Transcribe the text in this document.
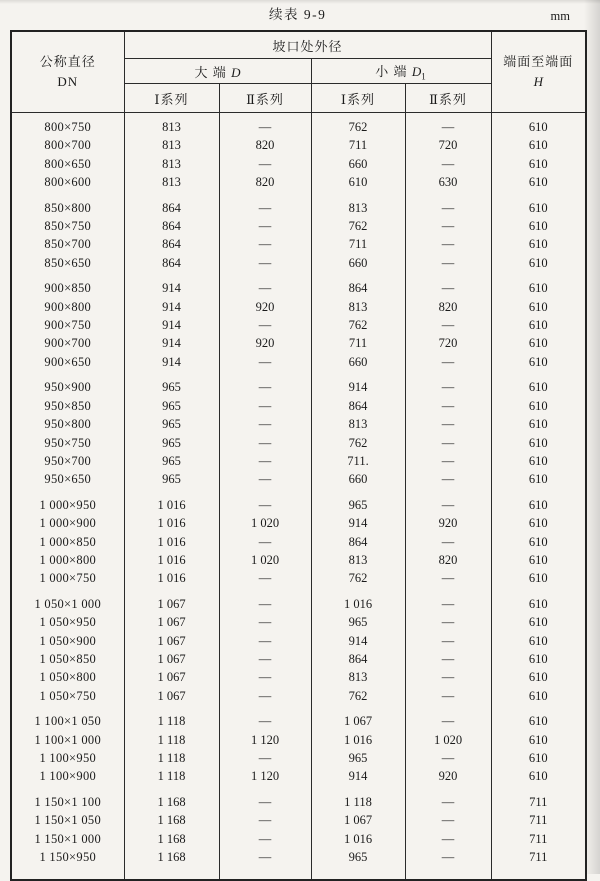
续表 9-9	mm
公称直径
DN	坡口处外径				端面至端面
H
	大 端 D		小 端 $D_1$
	Ⅰ系列	Ⅱ系列	Ⅰ系列	Ⅱ系列	

800×750	813	—	762	—	610
800×700	813	820	711	720	610
800×650	813	—	660	—	610
800×600	813	820	610	630	610

850×800	864	—	813	—	610
850×750	864	—	762	—	610
850×700	864	—	711	—	610
850×650	864	—	660	—	610

900×850	914	—	864	—	610
900×800	914	920	813	820	610
900×750	914	—	762	—	610
900×700	914	920	711	720	610
900×650	914	—	660	—	610

950×900	965	—	914	—	610
950×850	965	—	864	—	610
950×800	965	—	813	—	610
950×750	965	—	762	—	610
950×700	965	—	711.	—	610
950×650	965	—	660	—	610

1 000×950	1 016	—	965	—	610
1 000×900	1 016	1 020	914	920	610
1 000×850	1 016	—	864	—	610
1 000×800	1 016	1 020	813	820	610
1 000×750	1 016	—	762	—	610

1 050×1 000	1 067	—	1 016	—	610
1 050×950	1 067	—	965	—	610
1 050×900	1 067	—	914	—	610
1 050×850	1 067	—	864	—	610
1 050×800	1 067	—	813	—	610
1 050×750	1 067	—	762	—	610

1 100×1 050	1 118	—	1 067	—	610
1 100×1 000	1 118	1 120	1 016	1 020	610
1 100×950	1 118	—	965	—	610
1 100×900	1 118	1 120	914	920	610

1 150×1 100	1 168	—	1 118	—	711
1 150×1 050	1 168	—	1 067	—	711
1 150×1 000	1 168	—	1 016	—	711
1 150×950	1 168	—	965	—	711
